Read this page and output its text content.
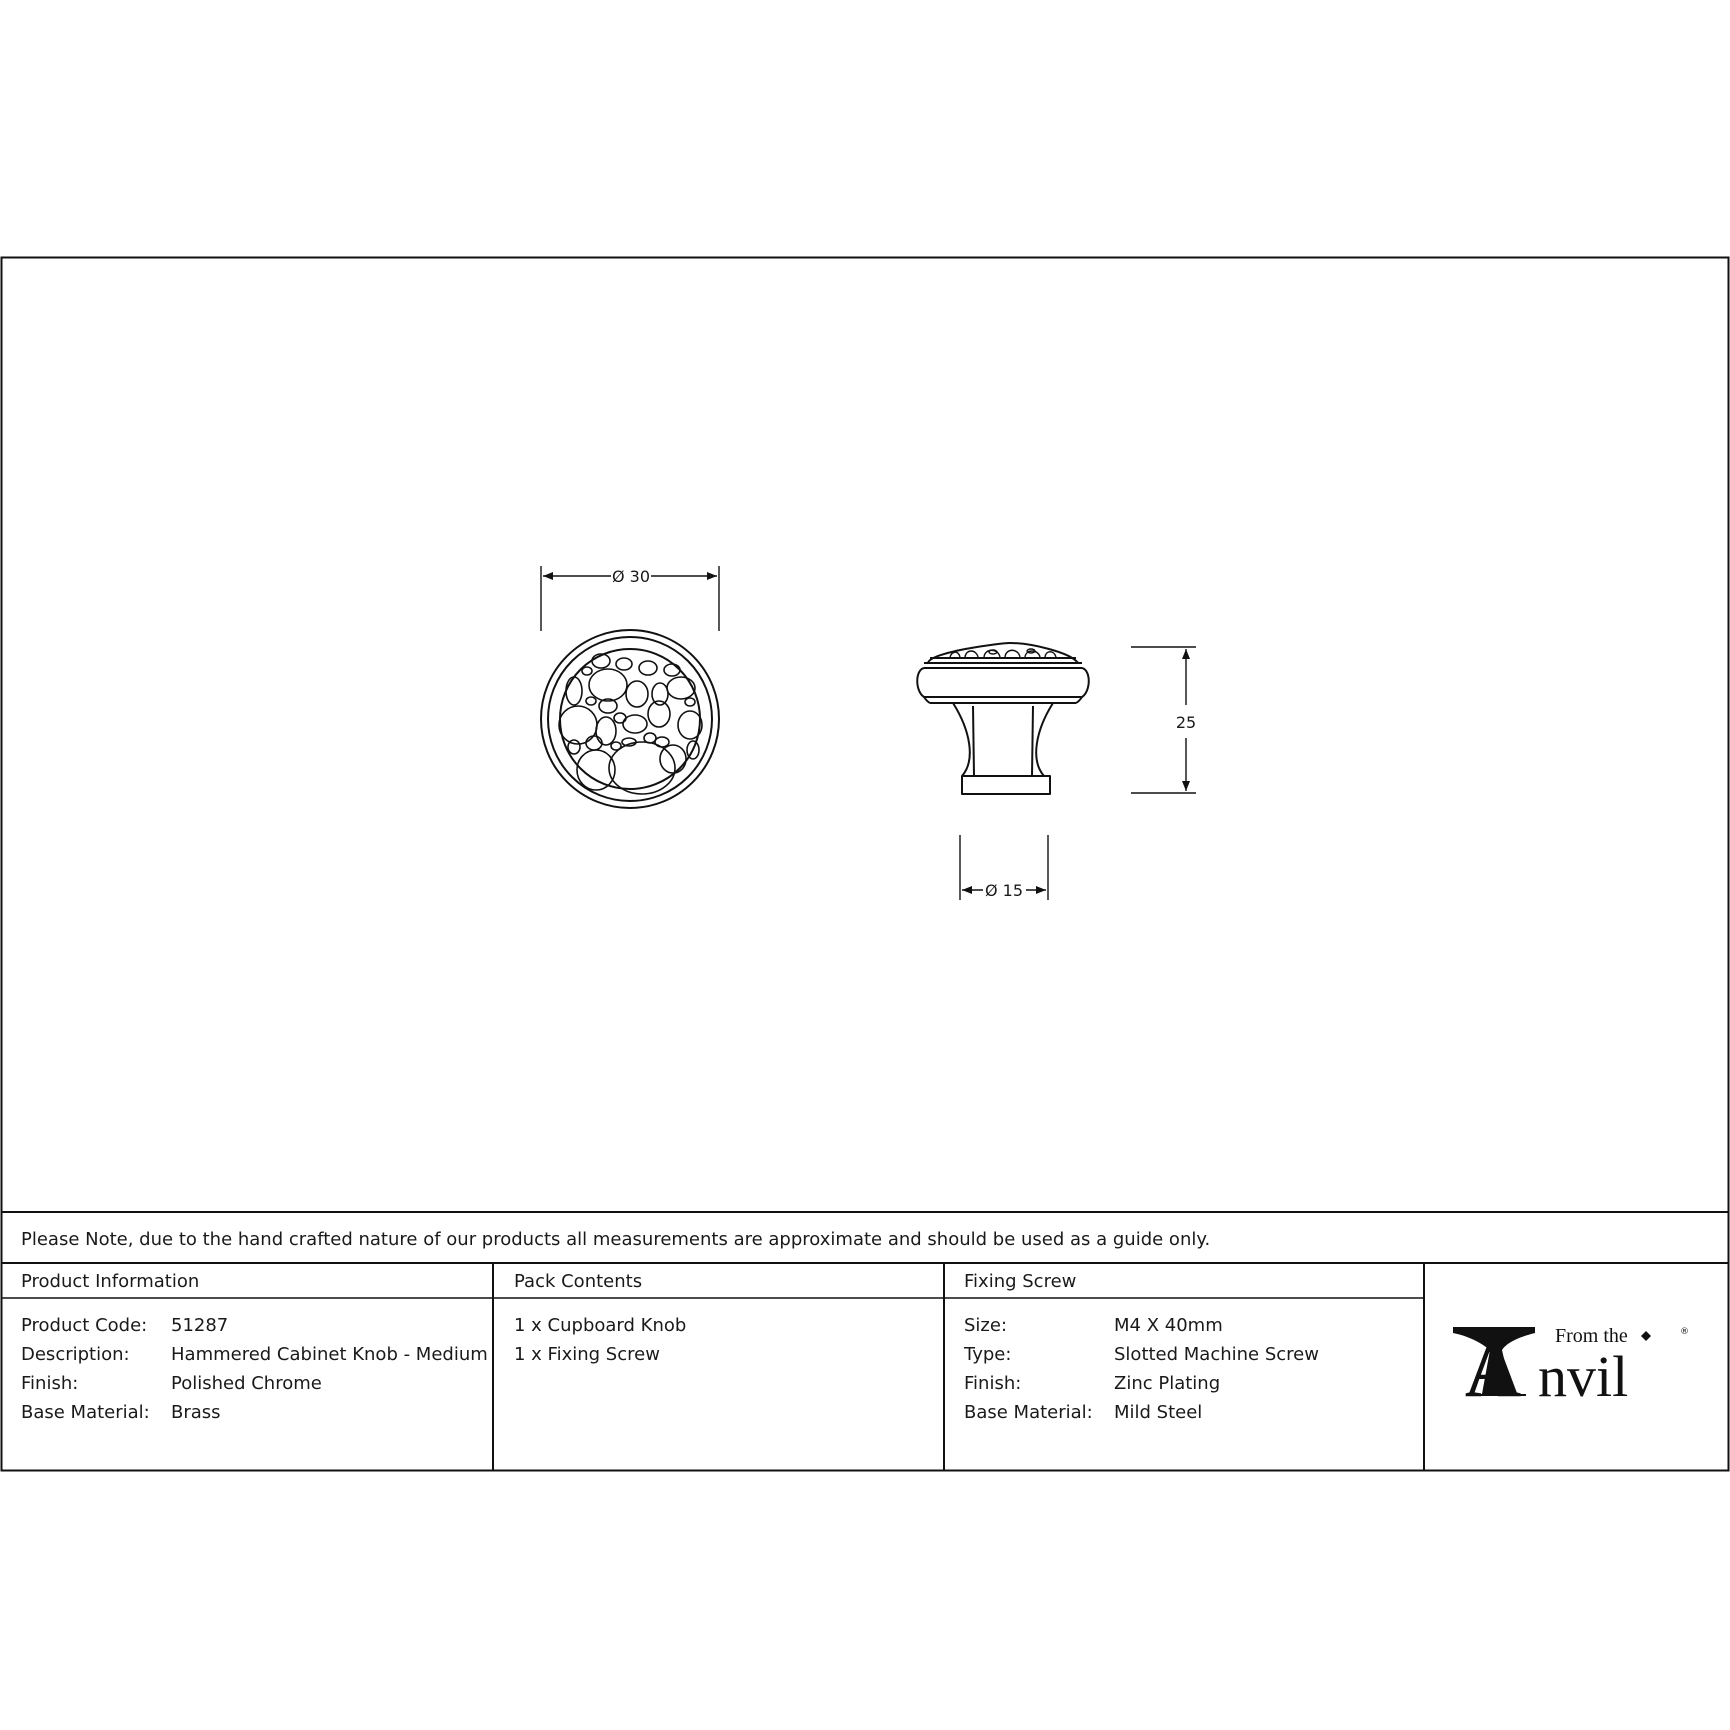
Ø 30
25
Ø 15
Please Note, due to the hand crafted nature of our products all measurements are approximate and should be used as a guide only.
Product Information
Product Code: 51287
Description: Hammered Cabinet Knob - Medium
Finish:	Polished Chrome
Base Material: Brass
Pack Contents
1 x Cupboard Knob
1 x Fixing Screw
Fixing Screw
Size:	M4 X 40mm
Type:	Slotted Machine Screw
Finish:	Zinc Plating
Base Material: Mild Steel	A nvil
From the	®
